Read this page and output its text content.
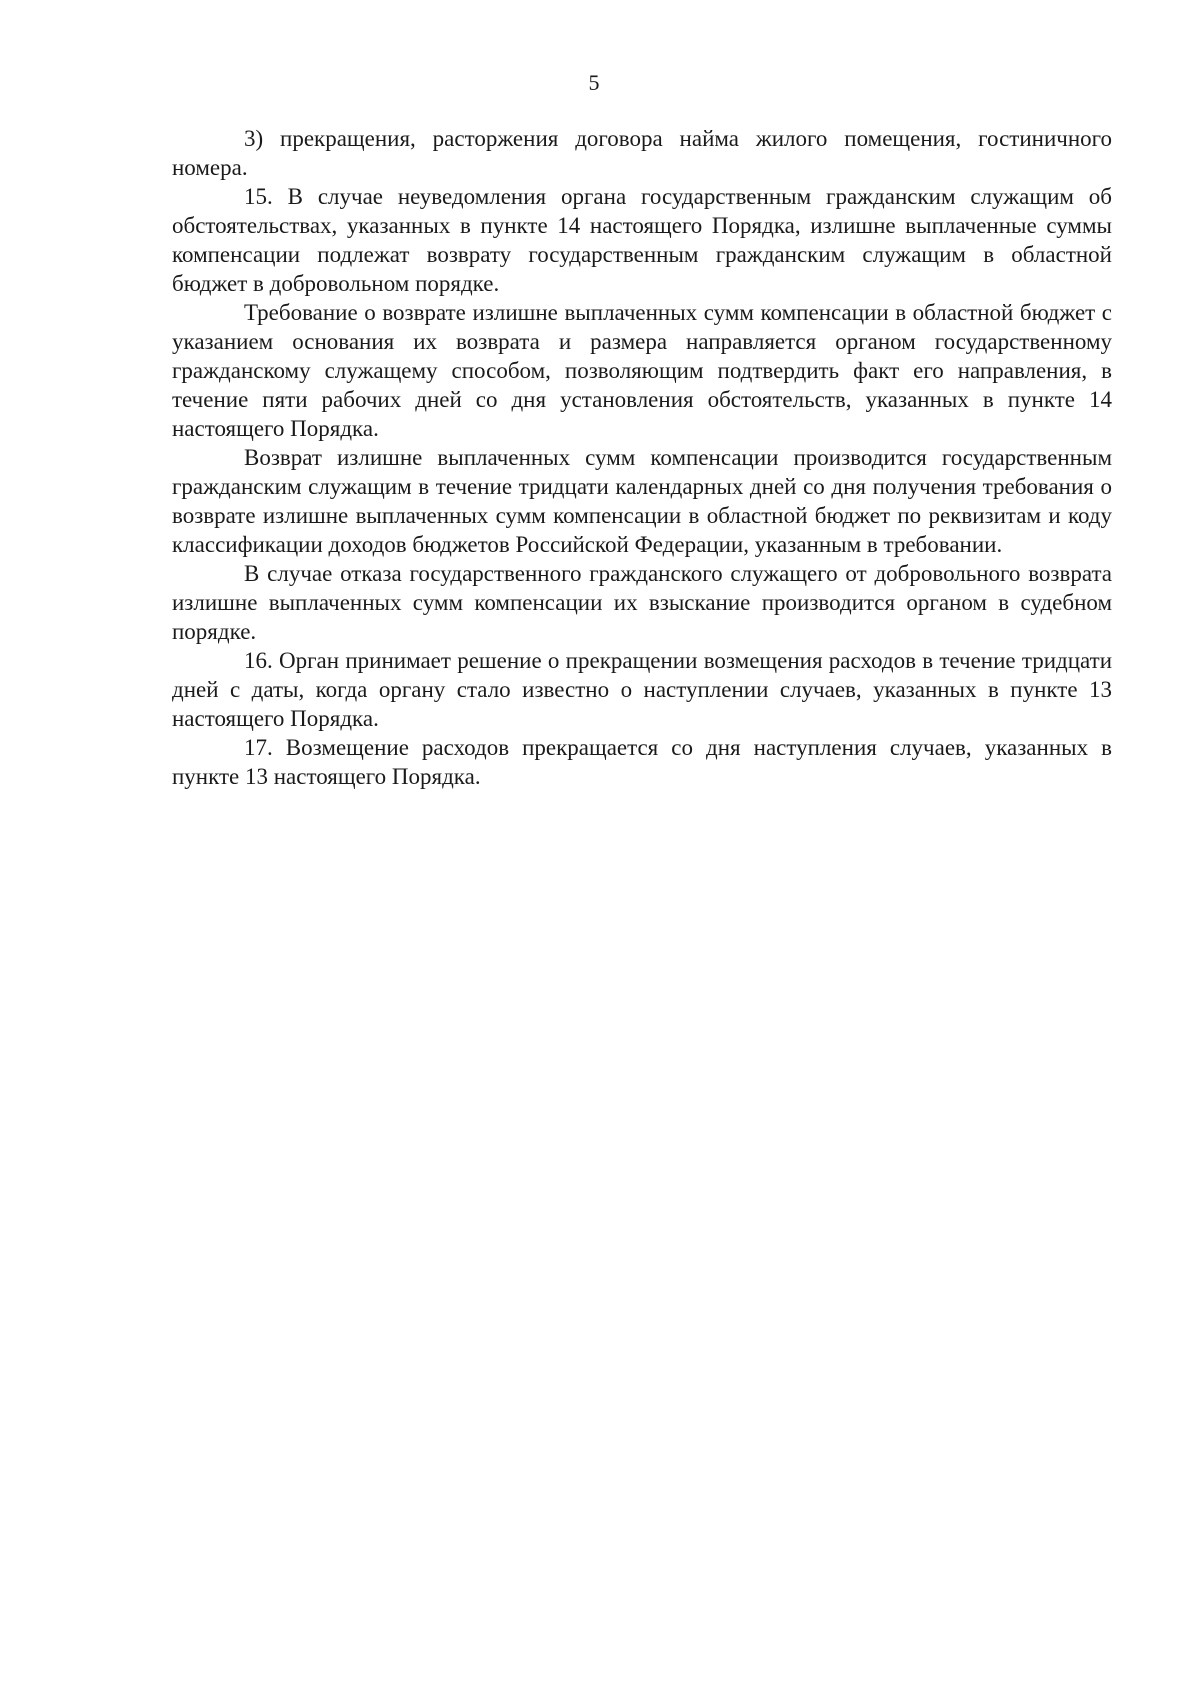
5

3) прекращения, расторжения договора найма жилого помещения, гостиничного номера.

15. В случае неуведомления органа государственным гражданским служащим об обстоятельствах, указанных в пункте 14 настоящего Порядка, излишне выплаченные суммы компенсации подлежат возврату государственным гражданским служащим в областной бюджет в добровольном порядке.

Требование о возврате излишне выплаченных сумм компенсации в областной бюджет с указанием основания их возврата и размера направляется органом государственному гражданскому служащему способом, позволяющим подтвердить факт его направления, в течение пяти рабочих дней со дня установления обстоятельств, указанных в пункте 14 настоящего Порядка.

Возврат излишне выплаченных сумм компенсации производится государственным гражданским служащим в течение тридцати календарных дней со дня получения требования о возврате излишне выплаченных сумм компенсации в областной бюджет по реквизитам и коду классификации доходов бюджетов Российской Федерации, указанным в требовании.

В случае отказа государственного гражданского служащего от добровольного возврата излишне выплаченных сумм компенсации их взыскание производится органом в судебном порядке.

16. Орган принимает решение о прекращении возмещения расходов в течение тридцати дней с даты, когда органу стало известно о наступлении случаев, указанных в пункте 13 настоящего Порядка.

17. Возмещение расходов прекращается со дня наступления случаев, указанных в пункте 13 настоящего Порядка.
